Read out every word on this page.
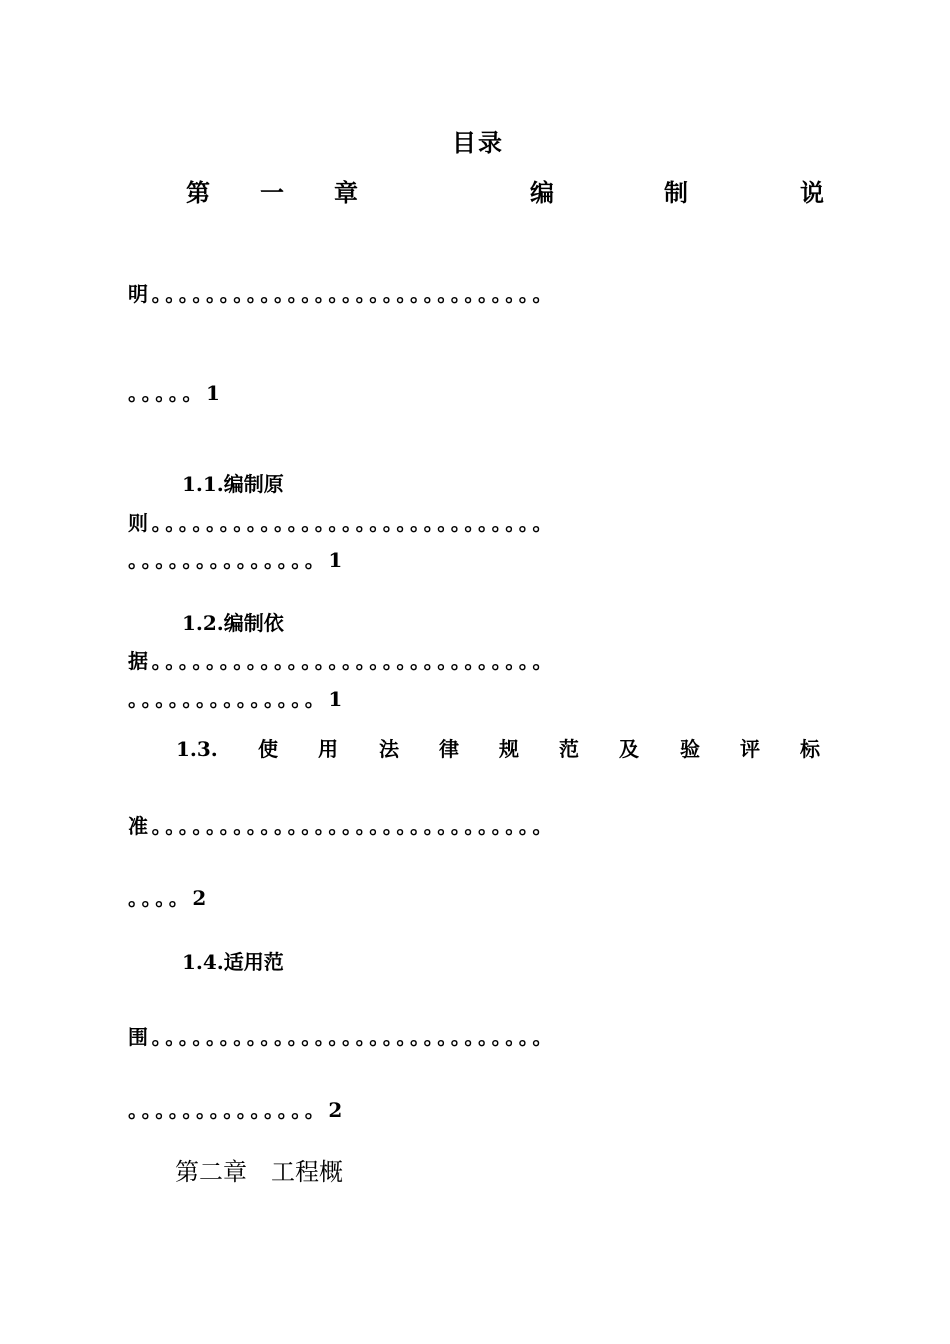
目录
第 一 章	编	制	说
明。。。。。。。。。。。。。。。。。。。。。。。。。。。。。
。。。。。1
1.1.编制原
则。。。。。。。。。。。。。。。。。。。。。。。。。。。。。
。。。。。。。。。。。。。。1
1.2.编制依
据。。。。。。。。。。。。。。。。。。。。。。。。。。。。。
。。。。。。。。。。。。。。1
1.3. 使 用 法 律 规 范 及 验 评 标
准。。。。。。。。。。。。。。。。。。。。。。。。。。。。。
。。。。2
1.4.适用范
围。。。。。。。。。。。。。。。。。。。。。。。。。。。。。
。。。。。。。。。。。。。。2
第二章　工程概
